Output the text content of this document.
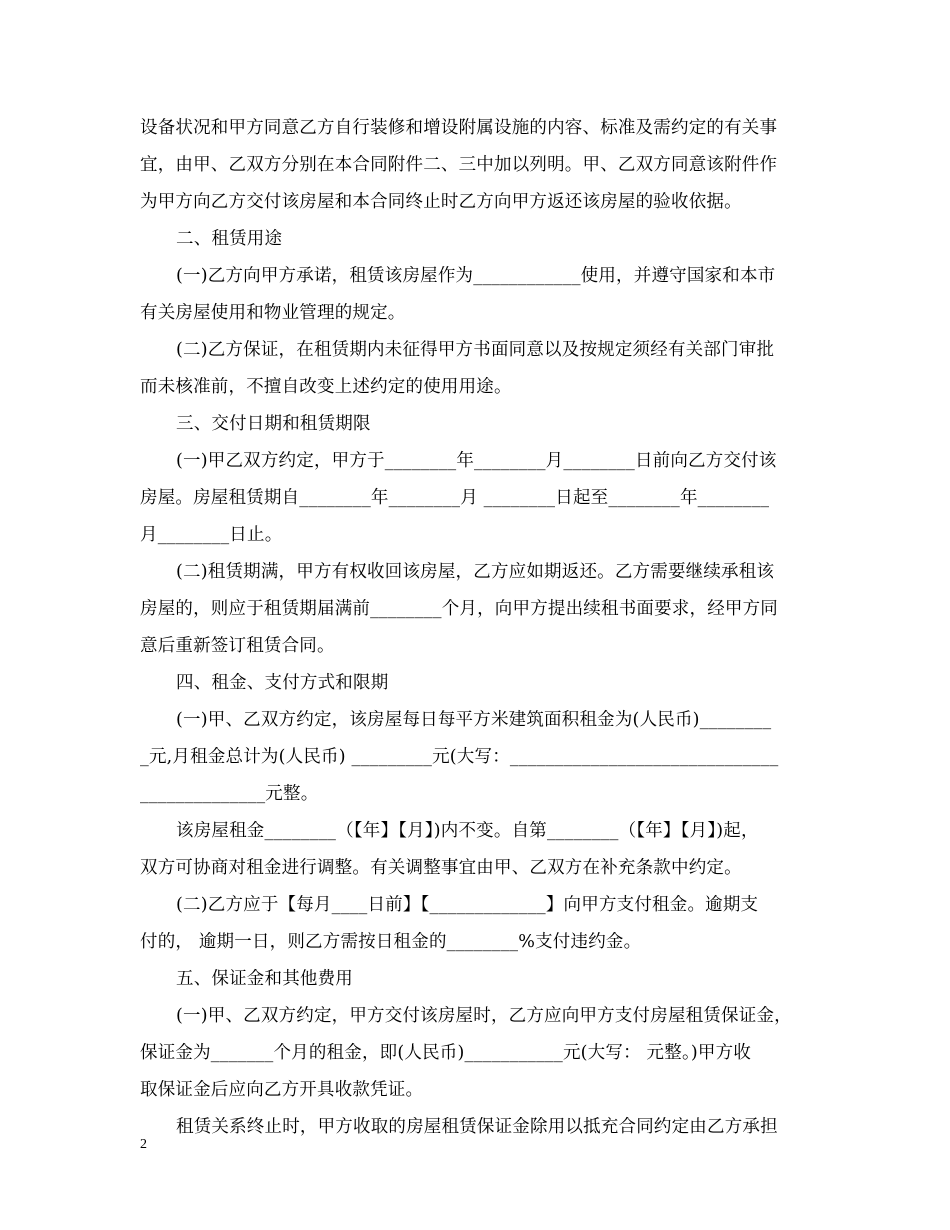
设备状况和甲方同意乙方自行装修和增设附属设施的内容、标准及需约定的有关事
宜，由甲、乙双方分别在本合同附件二、三中加以列明。甲、乙双方同意该附件作
为甲方向乙方交付该房屋和本合同终止时乙方向甲方返还该房屋的验收依据。
二、租赁用途
(一)乙方向甲方承诺，租赁该房屋作为____________使用，并遵守国家和本市
有关房屋使用和物业管理的规定。
(二)乙方保证，在租赁期内未征得甲方书面同意以及按规定须经有关部门审批
而未核准前，不擅自改变上述约定的使用用途。
三、交付日期和租赁期限
(一)甲乙双方约定，甲方于________年________月________日前向乙方交付该
房屋。房屋租赁期自________年________月 ________日起至________年________
月________日止。
(二)租赁期满，甲方有权收回该房屋，乙方应如期返还。乙方需要继续承租该
房屋的，则应于租赁期届满前________个月，向甲方提出续租书面要求，经甲方同
意后重新签订租赁合同。
四、租金、支付方式和限期
(一)甲、乙双方约定，该房屋每日每平方米建筑面积租金为(人民币)________
_元,月租金总计为(人民币) _________元(大写：______________________________
______________元整。
该房屋租金________（【年】【月】)内不变。自第________（【年】【月】)起，
双方可协商对租金进行调整。有关调整事宜由甲、乙双方在补充条款中约定。
(二)乙方应于【每月____日前】【_____________】向甲方支付租金。逾期支
付的， 逾期一日，则乙方需按日租金的________%支付违约金。
五、保证金和其他费用
(一)甲、乙双方约定，甲方交付该房屋时，乙方应向甲方支付房屋租赁保证金，
保证金为_______个月的租金，即(人民币)___________元(大写： 元整。)甲方收
取保证金后应向乙方开具收款凭证。
租赁关系终止时，甲方收取的房屋租赁保证金除用以抵充合同约定由乙方承担
2
